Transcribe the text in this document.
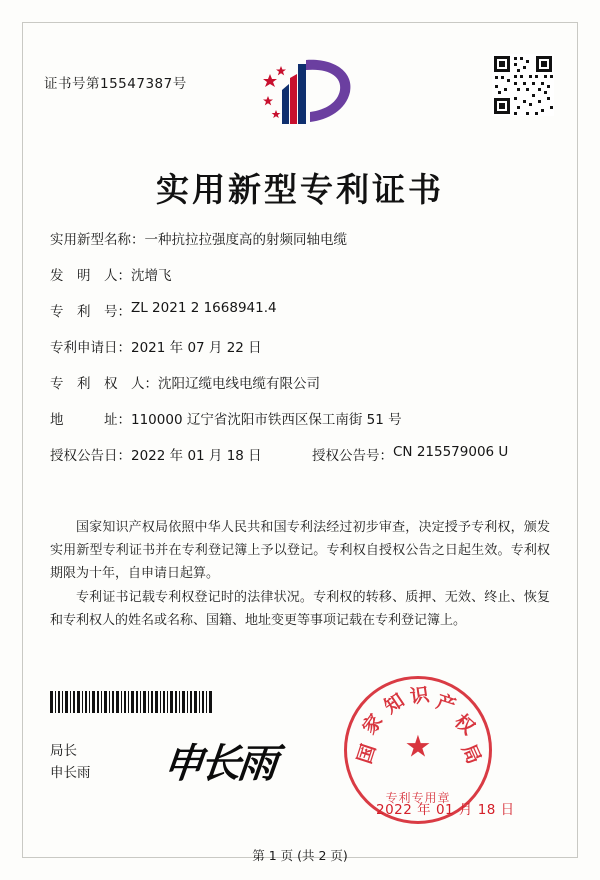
证书号第15547387号
实用新型专利证书
实用新型名称：一种抗拉拉强度高的射频同轴电缆
发　明　人：沈增飞
专　利　号：ZL 2021 2 1668941.4
专利申请日：2021 年 07 月 22 日
专　利　权　人：沈阳辽缆电线电缆有限公司
地　　　址：110000 辽宁省沈阳市铁西区保工南街 51 号
授权公告日：2022 年 01 月 18 日	授权公告号：CN 215579006 U
国家知识产权局依照中华人民共和国专利法经过初步审查，决定授予专利权，颁发实用新型专利证书并在专利登记簿上予以登记。专利权自授权公告之日起生效。专利权期限为十年，自申请日起算。
专利证书记载专利权登记时的法律状况。专利权的转移、质押、无效、终止、恢复和专利权人的姓名或名称、国籍、地址变更等事项记载在专利登记簿上。
局长
申长雨 申长雨	★
国
家
知 识 产
权
局
专利专用章
2022 年 01 月 18 日
第 1 页 (共 2 页)
